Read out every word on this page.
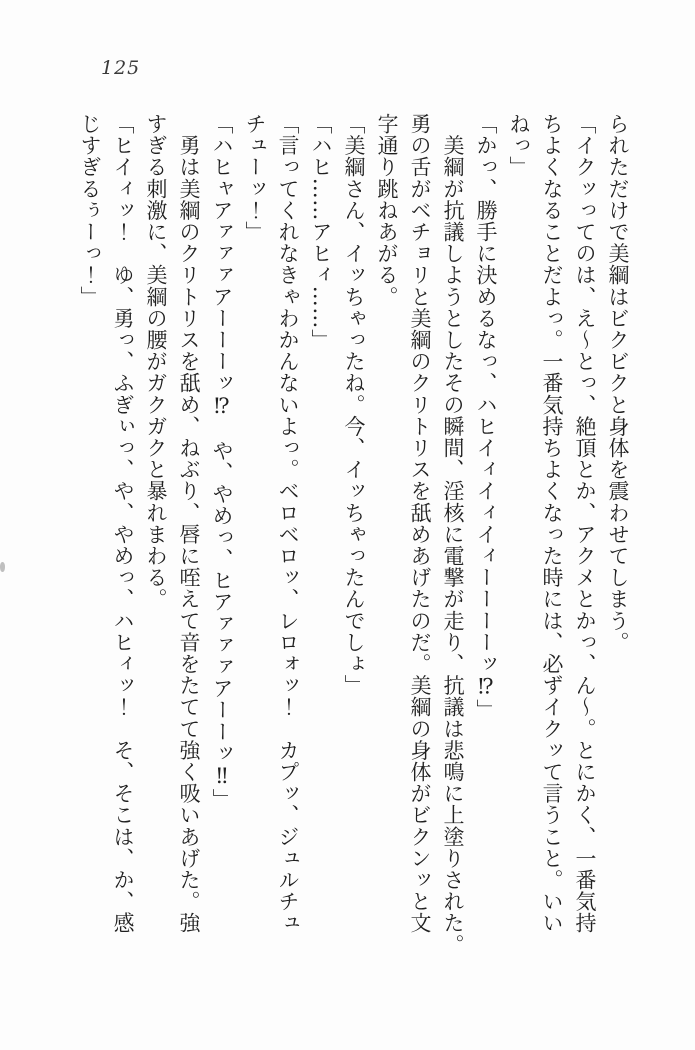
125

られただけで美綱はビクビクと身体を震わせてしまう。

「イクッってのは、え～とっ、絶頂とか、アクメとかっ、ん～。とにかく、一番気持

ちよくなることだよっ。一番気持ちよくなった時には、必ずイクッて言うこと。いい

ねっ」

「かっ、勝手に決めるなっ、ハヒイィイィイィーーーーッ⁉」

　美綱が抗議しようとしたその瞬間、淫核に電撃が走り、抗議は悲鳴に上塗りされた。

勇の舌がベチョリと美綱のクリトリスを舐めあげたのだ。美綱の身体がビクンッと文

字通り跳ねあがる。

「美綱さん、イッちゃったね。今、イッちゃったんでしょ」

「ハヒ……アヒィ……」

「言ってくれなきゃわかんないよっ。ベロベロッ、レロォッ！　カプッ、ジュルチュ

チューッ！」

「ハヒャアァァァアーーーッ⁉　や、やめっ、ヒアァァァアーーッ‼」

　勇は美綱のクリトリスを舐め、ねぶり、唇に咥えて音をたてて強く吸いあげた。強

すぎる刺激に、美綱の腰がガクガクと暴れまわる。

「ヒイィッ！　ゆ、勇っ、ふぎぃっ、や、やめっ、ハヒィッ！　そ、そこは、か、感

じすぎるぅーっ！」
